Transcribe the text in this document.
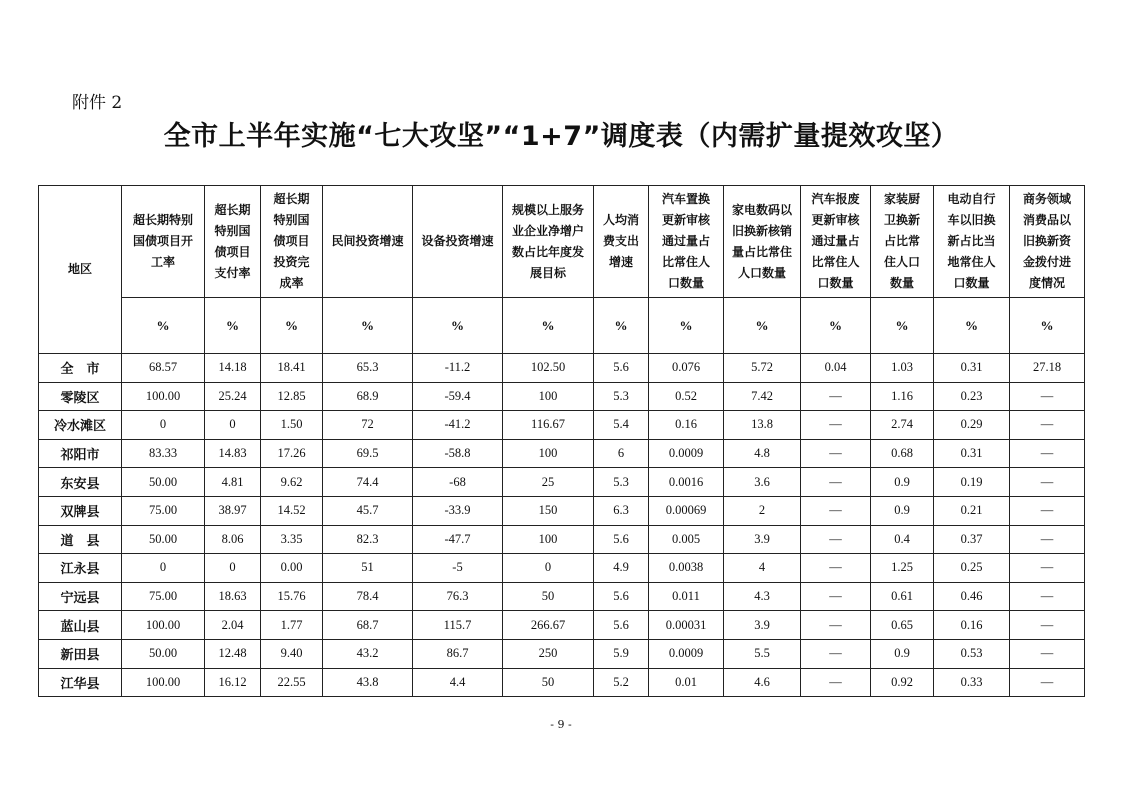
附件 2
全市上半年实施“七大攻坚”“1+7”调度表（内需扩量提效攻坚）
地区	超长期特别国债项目开工率	超长期特别国债项目支付率	超长期特别国债项目投资完成率	民间投资增速	设备投资增速	规模以上服务业企业净增户数占比年度发展目标	人均消费支出增速	汽车置换更新审核通过量占比常住人口数量	家电数码以旧换新核销量占比常住人口数量	汽车报废更新审核通过量占比常住人口数量	家装厨卫换新占比常住人口数量	电动自行车以旧换新占比当地常住人口数量	商务领域消费品以旧换新资金拨付进度情况
	%	%	%	%	%	%	%	%	%	%	%	%	%
全　市	68.57	14.18	18.41	65.3	-11.2	102.50	5.6	0.076	5.72	0.04	1.03	0.31	27.18
零陵区	100.00	25.24	12.85	68.9	-59.4	100	5.3	0.52	7.42	—	1.16	0.23	—
冷水滩区	0	0	1.50	72	-41.2	116.67	5.4	0.16	13.8	—	2.74	0.29	—
祁阳市	83.33	14.83	17.26	69.5	-58.8	100	6	0.0009	4.8	—	0.68	0.31	—
东安县	50.00	4.81	9.62	74.4	-68	25	5.3	0.0016	3.6	—	0.9	0.19	—
双牌县	75.00	38.97	14.52	45.7	-33.9	150	6.3	0.00069	2	—	0.9	0.21	—
道　县	50.00	8.06	3.35	82.3	-47.7	100	5.6	0.005	3.9	—	0.4	0.37	—
江永县	0	0	0.00	51	-5	0	4.9	0.0038	4	—	1.25	0.25	—
宁远县	75.00	18.63	15.76	78.4	76.3	50	5.6	0.011	4.3	—	0.61	0.46	—
蓝山县	100.00	2.04	1.77	68.7	115.7	266.67	5.6	0.00031	3.9	—	0.65	0.16	—
新田县	50.00	12.48	9.40	43.2	86.7	250	5.9	0.0009	5.5	—	0.9	0.53	—
江华县	100.00	16.12	22.55	43.8	4.4	50	5.2	0.01	4.6	—	0.92	0.33	—
- 9 -
